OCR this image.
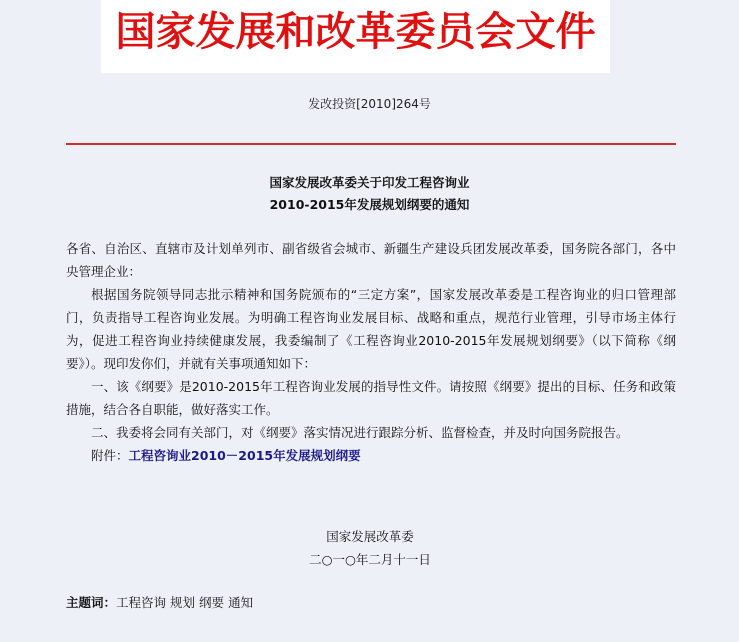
国家发展和改革委员会文件
发改投资[2010]264号
国家发展改革委关于印发工程咨询业
2010-2015年发展规划纲要的通知

各省、自治区、直辖市及计划单列市、副省级省会城市、新疆生产建设兵团发展改革委，国务院各部门，各中央管理企业：

根据国务院领导同志批示精神和国务院颁布的“三定方案”，国家发展改革委是工程咨询业的归口管理部门，负责指导工程咨询业发展。为明确工程咨询业发展目标、战略和重点，规范行业管理，引导市场主体行为，促进工程咨询业持续健康发展，我委编制了《工程咨询业2010-2015年发展规划纲要》（以下简称《纲要》）。现印发你们，并就有关事项通知如下：

一、该《纲要》是2010-2015年工程咨询业发展的指导性文件。请按照《纲要》提出的目标、任务和政策措施，结合各自职能，做好落实工作。

二、我委将会同有关部门，对《纲要》落实情况进行跟踪分析、监督检查，并及时向国务院报告。

附件：工程咨询业2010－2015年发展规划纲要

国家发展改革委
二○一○年二月十一日
主题词：工程咨询 规划 纲要 通知
